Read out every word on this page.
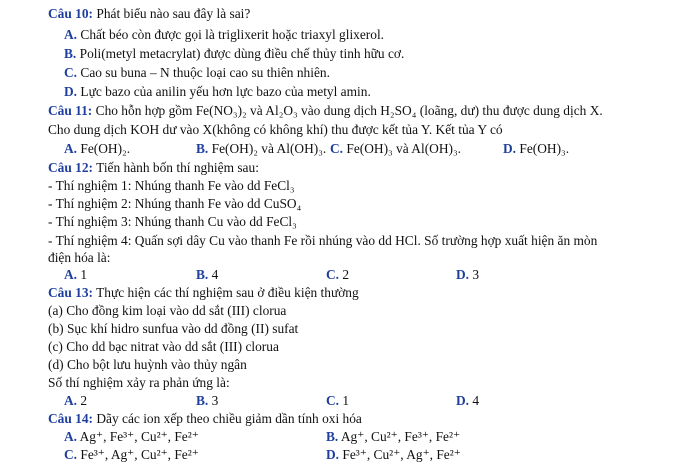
Câu 10: Phát biểu nào sau đây là sai?
A. Chất béo còn được gọi là triglixerit hoặc triaxyl glixerol.
B. Poli(metyl metacrylat) được dùng điều chế thủy tinh hữu cơ.
C. Cao su buna – N thuộc loại cao su thiên nhiên.
D. Lực bazo của anilin yếu hơn lực bazo của metyl amin.
Câu 11: Cho hỗn hợp gồm Fe(NO₃)₂ và Al₂O₃ vào dung dịch H₂SO₄ (loãng, dư) thu được dung dịch X.
Cho dung dịch KOH dư vào X(không có không khí) thu được kết tủa Y. Kết tủa Y có
A. Fe(OH)₂.	B. Fe(OH)₂ và Al(OH)₃. C. Fe(OH)₃ và Al(OH)₃.	D. Fe(OH)₃.
Câu 12: Tiến hành bốn thí nghiệm sau:
- Thí nghiệm 1: Nhúng thanh Fe vào dd FeCl₃
- Thí nghiệm 2: Nhúng thanh Fe vào dd CuSO₄
- Thí nghiệm 3: Nhúng thanh Cu vào dd FeCl₃
- Thí nghiệm 4: Quấn sợi dây Cu vào thanh Fe rồi nhúng vào dd HCl. Số trường hợp xuất hiện ăn mòn
điện hóa là:
A. 1	B. 4	C. 2	D. 3
Câu 13: Thực hiện các thí nghiệm sau ở điều kiện thường
(a) Cho đồng kim loại vào dd sắt (III) clorua
(b) Sục khí hidro sunfua vào dd đồng (II) sufat
(c) Cho dd bạc nitrat vào dd sắt (III) clorua
(d) Cho bột lưu huỳnh vào thủy ngân
Số thí nghiệm xảy ra phản ứng là:
A. 2	B. 3	C. 1	D. 4
Câu 14: Dãy các ion xếp theo chiều giảm dần tính oxi hóa
A. Ag⁺, Fe³⁺, Cu²⁺, Fe²⁺	B. Ag⁺, Cu²⁺, Fe³⁺, Fe²⁺
C. Fe³⁺, Ag⁺, Cu²⁺, Fe²⁺	D. Fe³⁺, Cu²⁺, Ag⁺, Fe²⁺
